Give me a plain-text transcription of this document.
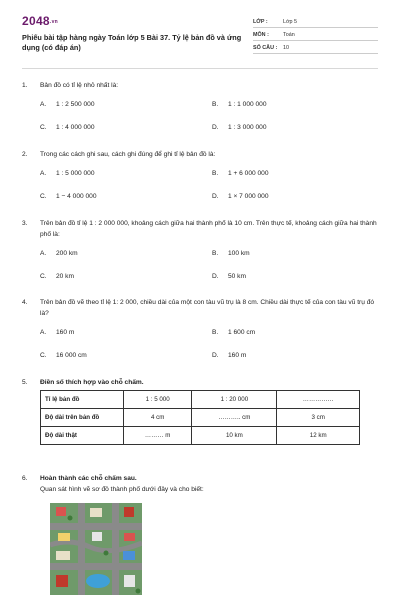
2048.vn
Phiếu bài tập hàng ngày Toán lớp 5 Bài 37. Tỷ lệ bản đồ và ứng dụng (có đáp án)
LỚP :	Lớp 5
MÔN :	Toán
SỐ CÂU :	10
1.	Bản đồ có tỉ lệ nhỏ nhất là:
A.	1 : 2 500 000	B.	1 : 1 000 000
C.	1 : 4 000 000	D.	1 : 3 000 000
2.	Trong các cách ghi sau, cách ghi đúng để ghi tỉ lệ bản đồ là:
A.	1 : 5 000 000	B.	1 + 6 000 000
C.	1 − 4 000 000	D.	1 × 7 000 000
3.	Trên bản đồ tỉ lệ 1 : 2 000 000, khoảng cách giữa hai thành phố là 10 cm. Trên thực tế, khoảng cách giữa hai thành phố là:
A.	200 km	B.	100 km
C.	20 km	D.	50 km
4.	Trên bản đồ vẽ theo tỉ lệ 1: 2 000, chiều dài của một con tàu vũ trụ là 8 cm. Chiều dài thực tế của con tàu vũ trụ đó là?
A.	160 m	B.	1 600 cm
C.	16 000 cm	D.	160 m
5.	Điền số thích hợp vào chỗ chấm.
Tỉ lệ bản đồ	1 : 5 000	1 : 20 000	……………
Độ dài trên bản đồ	4 cm	……….. cm	3 cm
Độ dài thật	……… m	10 km	12 km
6.	Hoàn thành các chỗ chấm sau.
Quan sát hình vẽ sơ đồ thành phố dưới đây và cho biết:
